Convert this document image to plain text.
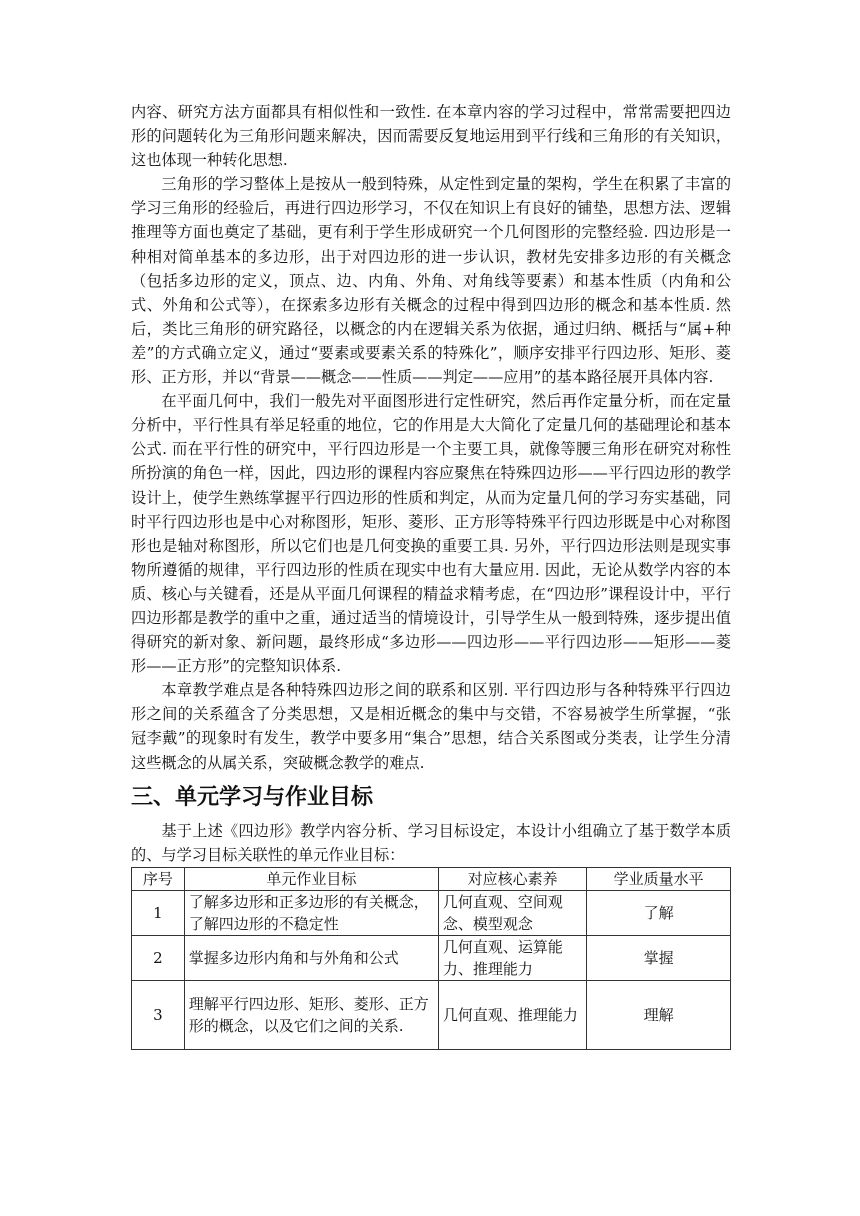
内容、研究方法方面都具有相似性和一致性. 在本章内容的学习过程中，常常需要把四边形的问题转化为三角形问题来解决，因而需要反复地运用到平行线和三角形的有关知识，这也体现一种转化思想.

三角形的学习整体上是按从一般到特殊，从定性到定量的架构，学生在积累了丰富的学习三角形的经验后，再进行四边形学习，不仅在知识上有良好的铺垫，思想方法、逻辑推理等方面也奠定了基础，更有利于学生形成研究一个几何图形的完整经验. 四边形是一种相对简单基本的多边形，出于对四边形的进一步认识，教材先安排多边形的有关概念（包括多边形的定义，顶点、边、内角、外角、对角线等要素）和基本性质（内角和公式、外角和公式等），在探索多边形有关概念的过程中得到四边形的概念和基本性质. 然后，类比三角形的研究路径，以概念的内在逻辑关系为依据，通过归纳、概括与“属+种差”的方式确立定义，通过“要素或要素关系的特殊化”，顺序安排平行四边形、矩形、菱形、正方形，并以“背景——概念——性质——判定——应用”的基本路径展开具体内容.

在平面几何中，我们一般先对平面图形进行定性研究，然后再作定量分析，而在定量分析中，平行性具有举足轻重的地位，它的作用是大大简化了定量几何的基础理论和基本公式. 而在平行性的研究中，平行四边形是一个主要工具，就像等腰三角形在研究对称性所扮演的角色一样，因此，四边形的课程内容应聚焦在特殊四边形——平行四边形的教学设计上，使学生熟练掌握平行四边形的性质和判定，从而为定量几何的学习夯实基础，同时平行四边形也是中心对称图形，矩形、菱形、正方形等特殊平行四边形既是中心对称图形也是轴对称图形，所以它们也是几何变换的重要工具. 另外，平行四边形法则是现实事物所遵循的规律，平行四边形的性质在现实中也有大量应用. 因此，无论从数学内容的本质、核心与关键看，还是从平面几何课程的精益求精考虑，在“四边形”课程设计中，平行四边形都是教学的重中之重，通过适当的情境设计，引导学生从一般到特殊，逐步提出值得研究的新对象、新问题，最终形成“多边形——四边形——平行四边形——矩形——菱形——正方形”的完整知识体系.

本章教学难点是各种特殊四边形之间的联系和区别. 平行四边形与各种特殊平行四边形之间的关系蕴含了分类思想，又是相近概念的集中与交错，不容易被学生所掌握，“张冠李戴”的现象时有发生，教学中要多用“集合”思想，结合关系图或分类表，让学生分清这些概念的从属关系，突破概念教学的难点.

三、单元学习与作业目标

基于上述《四边形》教学内容分析、学习目标设定，本设计小组确立了基于数学本质的、与学习目标关联性的单元作业目标：

序号	单元作业目标	对应核心素养	学业质量水平
1	了解多边形和正多边形的有关概念，了解四边形的不稳定性	几何直观、空间观念、模型观念	了解
2	掌握多边形内角和与外角和公式	几何直观、运算能力、推理能力	掌握
3	理解平行四边形、矩形、菱形、正方形的概念，以及它们之间的关系.	几何直观、推理能力	理解
